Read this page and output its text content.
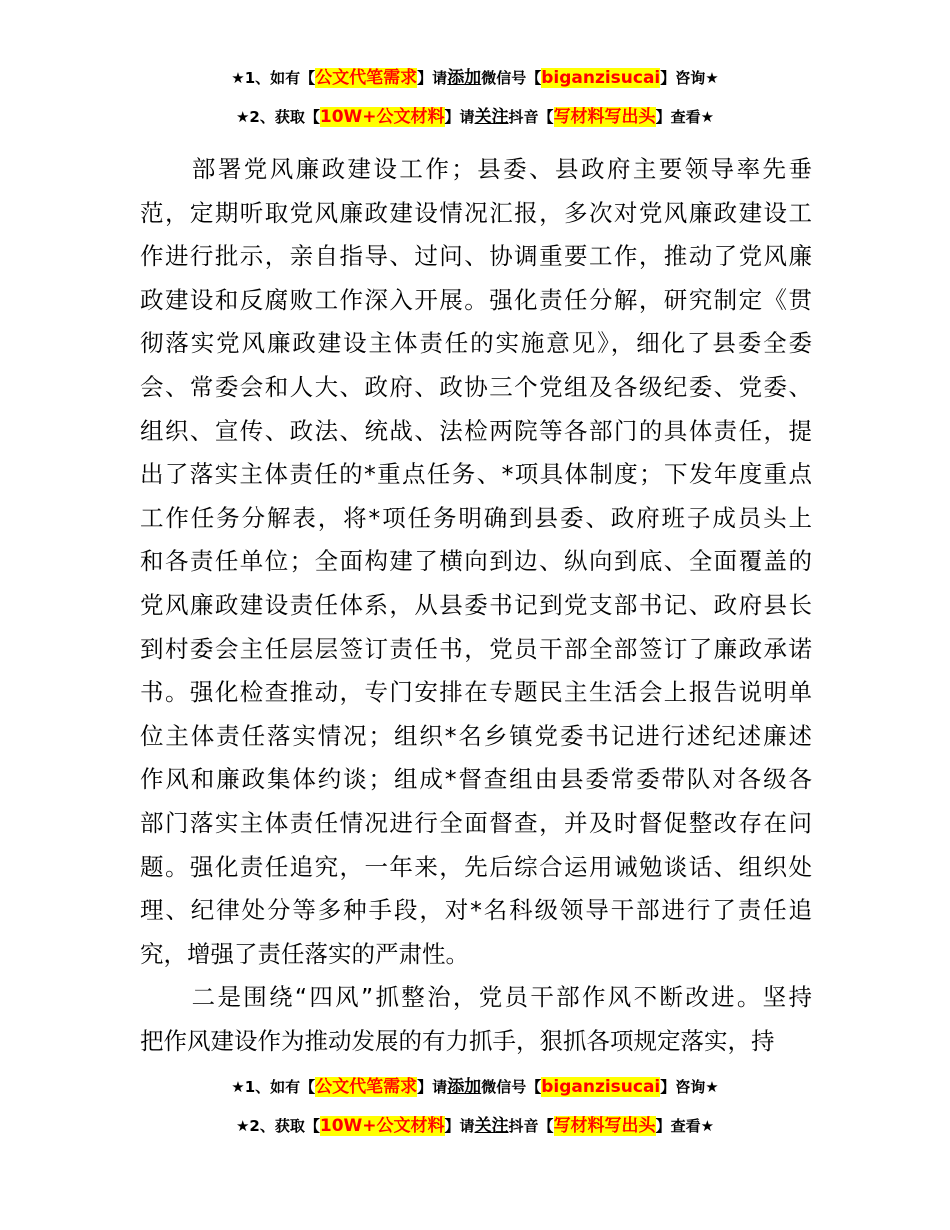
★1、如有【公文代笔需求】请添加微信号【biganzisucai】咨询★
★2、获取【10W+公文材料】请关注抖音【写材料写出头】查看★

　　部署党风廉政建设工作；县委、县政府主要领导率先垂
范，定期听取党风廉政建设情况汇报，多次对党风廉政建设工
作进行批示，亲自指导、过问、协调重要工作，推动了党风廉
政建设和反腐败工作深入开展。强化责任分解，研究制定《贯
彻落实党风廉政建设主体责任的实施意见》，细化了县委全委
会、常委会和人大、政府、政协三个党组及各级纪委、党委、
组织、宣传、政法、统战、法检两院等各部门的具体责任，提
出了落实主体责任的*重点任务、*项具体制度；下发年度重点
工作任务分解表，将*项任务明确到县委、政府班子成员头上
和各责任单位；全面构建了横向到边、纵向到底、全面覆盖的
党风廉政建设责任体系，从县委书记到党支部书记、政府县长
到村委会主任层层签订责任书，党员干部全部签订了廉政承诺
书。强化检查推动，专门安排在专题民主生活会上报告说明单
位主体责任落实情况；组织*名乡镇党委书记进行述纪述廉述
作风和廉政集体约谈；组成*督查组由县委常委带队对各级各
部门落实主体责任情况进行全面督查，并及时督促整改存在问
题。强化责任追究，一年来，先后综合运用诫勉谈话、组织处
理、纪律处分等多种手段，对*名科级领导干部进行了责任追
究，增强了责任落实的严肃性。

　　二是围绕“四风”抓整治，党员干部作风不断改进。坚持
把作风建设作为推动发展的有力抓手，狠抓各项规定落实，持

★1、如有【公文代笔需求】请添加微信号【biganzisucai】咨询★
★2、获取【10W+公文材料】请关注抖音【写材料写出头】查看★
